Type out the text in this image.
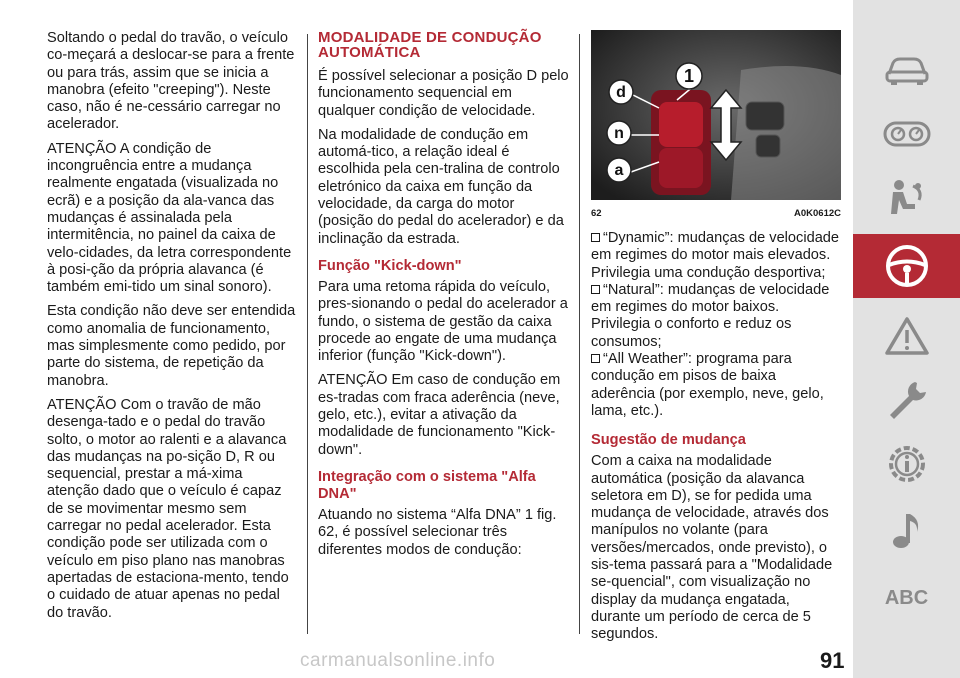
Soltando o pedal do travão, o veículo co-meçará a deslocar-se para a frente ou para trás, assim que se inicia a manobra (efeito "creeping"). Neste caso, não é ne-cessário carregar no acelerador.

ATENÇÃO A condição de incongruência entre a mudança realmente engatada (visualizada no ecrã) e a posição da ala-vanca das mudanças é assinalada pela intermitência, no painel da caixa de velo-cidades, da letra correspondente à posi-ção da própria alavanca (é também emi-tido um sinal sonoro).

Esta condição não deve ser entendida como anomalia de funcionamento, mas simplesmente como pedido, por parte do sistema, de repetição da manobra.

ATENÇÃO Com o travão de mão desenga-tado e o pedal do travão solto, o motor ao ralenti e a alavanca das mudanças na po-sição D, R ou sequencial, prestar a má-xima atenção dado que o veículo é capaz de se movimentar mesmo sem carregar no pedal acelerador. Esta condição pode ser utilizada com o veículo em piso plano nas manobras apertadas de estaciona-mento, tendo o cuidado de atuar apenas no pedal do travão.

MODALIDADE DE CONDUÇÃO AUTOMÁTICA

É possível selecionar a posição D pelo funcionamento sequencial em qualquer condição de velocidade.

Na modalidade de condução em automá-tico, a relação ideal é escolhida pela cen-tralina de controlo eletrónico da caixa em função da velocidade, da carga do motor (posição do pedal do acelerador) e da inclinação da estrada.

Função "Kick-down"

Para uma retoma rápida do veículo, pres-sionando o pedal do acelerador a fundo, o sistema de gestão da caixa procede ao engate de uma mudança inferior (função "Kick-down").

ATENÇÃO Em caso de condução em es-tradas com fraca aderência (neve, gelo, etc.), evitar a ativação da modalidade de funcionamento "Kick-down".

Integração com o sistema "Alfa DNA"

Atuando no sistema “Alfa DNA” 1 fig. 62, é possível selecionar três diferentes modos de condução:

1
d
n
a
62	A0K0612C

“Dynamic”: mudanças de velocidade em regimes do motor mais elevados. Privilegia uma condução desportiva;

“Natural”: mudanças de velocidade em regimes do motor baixos. Privilegia o conforto e reduz os consumos;

“All Weather”: programa para condução em pisos de baixa aderência (por exemplo, neve, gelo, lama, etc.).

Sugestão de mudança

Com a caixa na modalidade automática (posição da alavanca seletora em D), se for pedida uma mudança de velocidade, através dos manípulos no volante (para versões/mercados, onde previsto), o sis-tema passará para a "Modalidade se-quencial", com visualização no display da mudança engatada, durante um período de cerca de 5 segundos.

ABC
carmanualsonline.info	91
